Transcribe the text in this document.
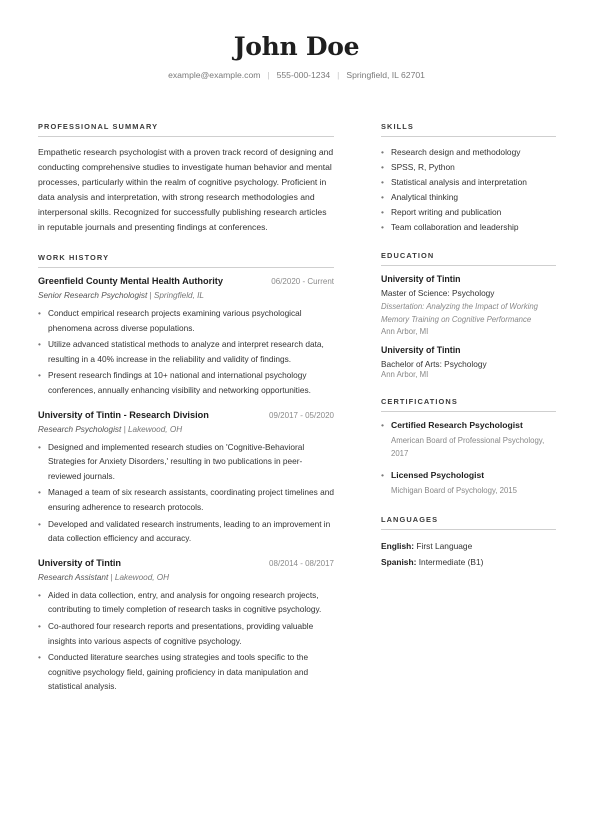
John Doe
example@example.com | 555-000-1234 | Springfield, IL 62701
PROFESSIONAL SUMMARY

Empathetic research psychologist with a proven track record of designing and conducting comprehensive studies to investigate human behavior and mental processes, particularly within the realm of cognitive psychology. Proficient in data analysis and interpretation, with strong research methodologies and interpersonal skills. Recognized for successfully publishing research articles in reputable journals and presenting findings at conferences.

WORK HISTORY
Greenfield County Mental Health Authority	06/2020 - Current
Senior Research Psychologist | Springfield, IL
• Conduct empirical research projects examining various psychological phenomena across diverse populations.
• Utilize advanced statistical methods to analyze and interpret research data, resulting in a 40% increase in the reliability and validity of findings.
• Present research findings at 10+ national and international psychology conferences, annually enhancing visibility and networking opportunities.
University of Tintin - Research Division	09/2017 - 05/2020
Research Psychologist | Lakewood, OH
• Designed and implemented research studies on 'Cognitive-Behavioral Strategies for Anxiety Disorders,' resulting in two publications in peer-reviewed journals.
• Managed a team of six research assistants, coordinating project timelines and ensuring adherence to research protocols.
• Developed and validated research instruments, leading to an improvement in data collection efficiency and accuracy.
University of Tintin	08/2014 - 08/2017
Research Assistant | Lakewood, OH
• Aided in data collection, entry, and analysis for ongoing research projects, contributing to timely completion of research tasks in cognitive psychology.
• Co-authored four research reports and presentations, providing valuable insights into various aspects of cognitive psychology.
• Conducted literature searches using strategies and tools specific to the cognitive psychology field, gaining proficiency in data manipulation and statistical analysis.
SKILLS
• Research design and methodology
• SPSS, R, Python
• Statistical analysis and interpretation
• Analytical thinking
• Report writing and publication
• Team collaboration and leadership
EDUCATION
University of Tintin
Master of Science: Psychology
Dissertation: Analyzing the Impact of Working Memory Training on Cognitive Performance
Ann Arbor, MI
University of Tintin
Bachelor of Arts: Psychology
Ann Arbor, MI
CERTIFICATIONS
• Certified Research Psychologist
American Board of Professional Psychology, 2017
• Licensed Psychologist
Michigan Board of Psychology, 2015
LANGUAGES
English: First Language
Spanish: Intermediate (B1)
